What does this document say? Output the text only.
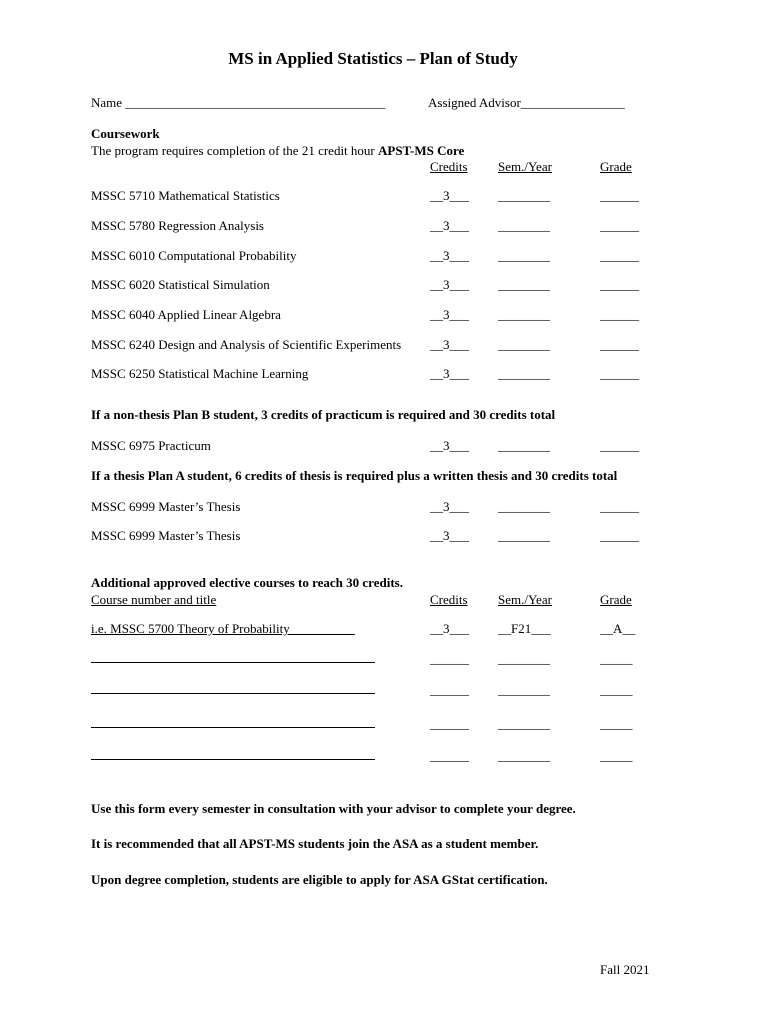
MS in Applied Statistics – Plan of Study
Name ________________________________________	Assigned Advisor________________
Coursework
The program requires completion of the 21 credit hour APST-MS Core
Credits Sem./Year	Grade
MSSC 5710 Mathematical Statistics	__3___ ________	______
MSSC 5780 Regression Analysis	__3___ ________	______
MSSC 6010 Computational Probability	__3___ ________	______
MSSC 6020 Statistical Simulation	__3___ ________	______
MSSC 6040 Applied Linear Algebra	__3___ ________	______
MSSC 6240 Design and Analysis of Scientific Experiments __3___ ________	______
MSSC 6250 Statistical Machine Learning	__3___ ________	______
If a non-thesis Plan B student, 3 credits of practicum is required and 30 credits total
MSSC 6975 Practicum	__3___ ________	______
If a thesis Plan A student, 6 credits of thesis is required plus a written thesis and 30 credits total
MSSC 6999 Master’s Thesis	__3___ ________	______
MSSC 6999 Master’s Thesis	__3___ ________	______
Additional approved elective courses to reach 30 credits.
Course number and title	Credits Sem./Year	Grade
i.e. MSSC 5700 Theory of Probability__________	__3___ __F21___	__A__
______ ________	_____
______ ________	_____
______ ________	_____
______ ________	_____
Use this form every semester in consultation with your advisor to complete your degree.
It is recommended that all APST-MS students join the ASA as a student member.
Upon degree completion, students are eligible to apply for ASA GStat certification.
Fall 2021
